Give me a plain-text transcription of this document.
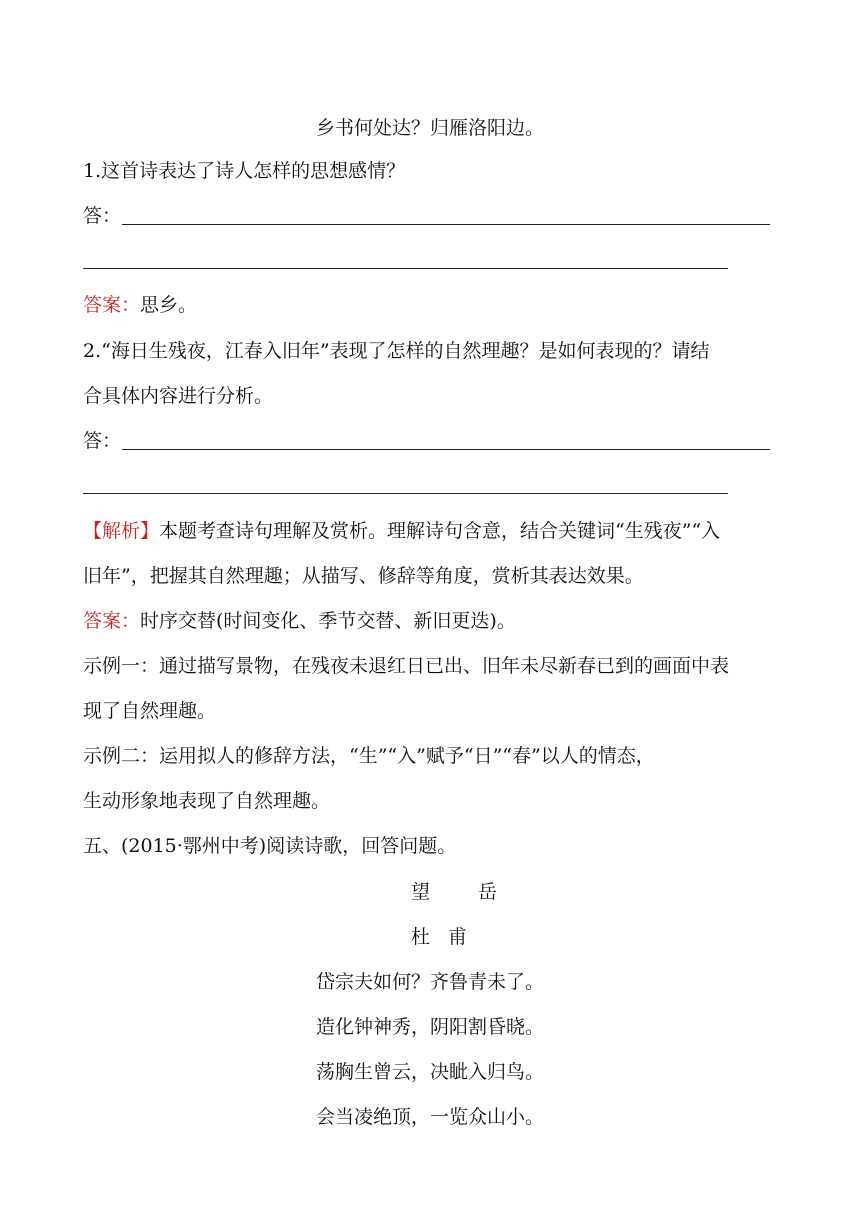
乡书何处达？归雁洛阳边。
1.这首诗表达了诗人怎样的思想感情？
答：
答案：思乡。
2.“海日生残夜，江春入旧年”表现了怎样的自然理趣？是如何表现的？请结
合具体内容进行分析。
答：
【解析】本题考查诗句理解及赏析。理解诗句含意，结合关键词“生残夜”“入
旧年”，把握其自然理趣；从描写、修辞等角度，赏析其表达效果。
答案：时序交替(时间变化、季节交替、新旧更迭)。
示例一：通过描写景物，在残夜未退红日已出、旧年未尽新春已到的画面中表
现了自然理趣。
示例二：运用拟人的修辞方法，“生”“入”赋予“日”“春”以人的情态，
生动形象地表现了自然理趣。
五、(2015·鄂州中考)阅读诗歌，回答问题。
望岳
杜甫
岱宗夫如何？齐鲁青未了。
造化钟神秀，阴阳割昏晓。
荡胸生曾云，决眦入归鸟。
会当凌绝顶，一览众山小。
